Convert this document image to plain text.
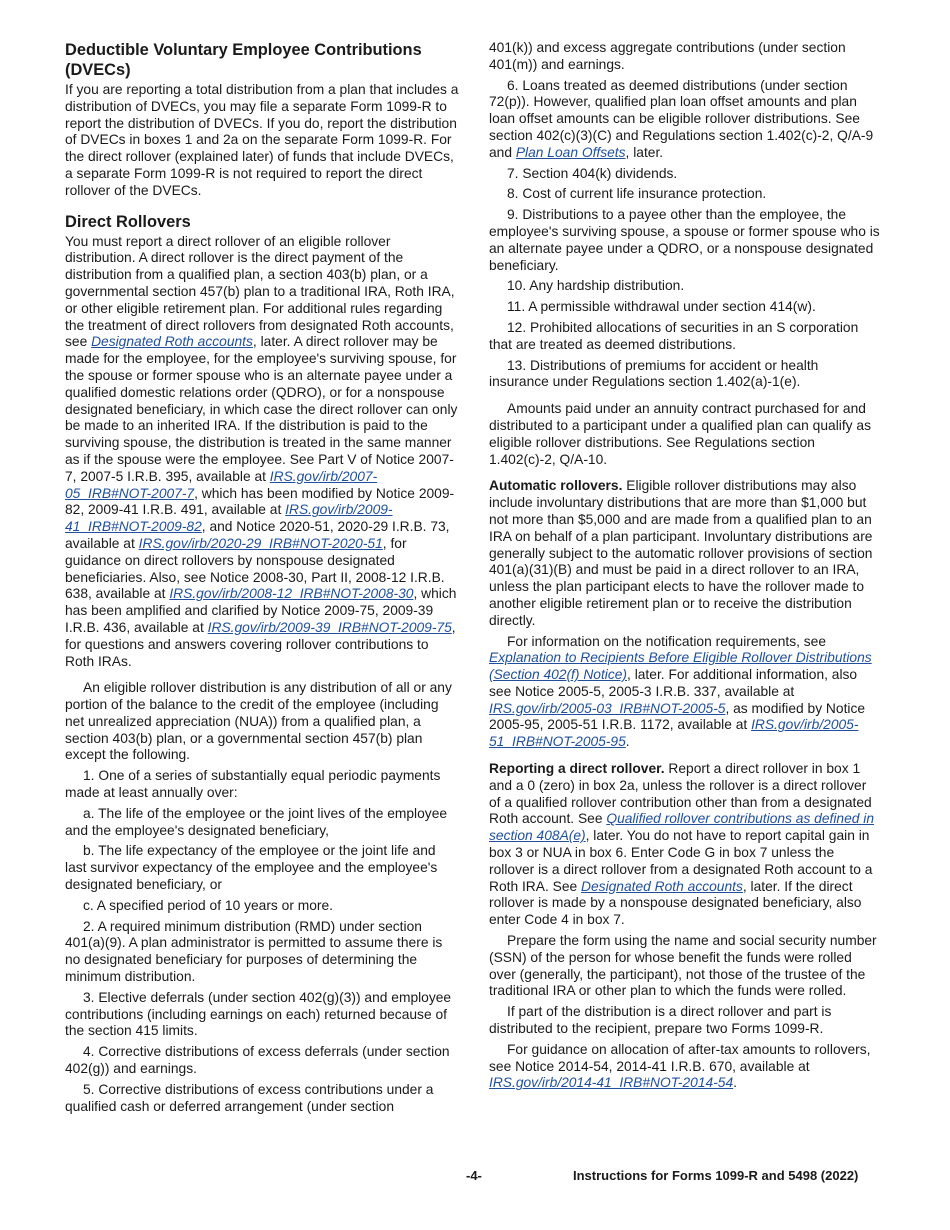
Deductible Voluntary Employee Contributions (DVECs)

If you are reporting a total distribution from a plan that includes a distribution of DVECs, you may file a separate Form 1099-R to report the distribution of DVECs. If you do, report the distribution of DVECs in boxes 1 and 2a on the separate Form 1099-R. For the direct rollover (explained later) of funds that include DVECs, a separate Form 1099-R is not required to report the direct rollover of the DVECs.

Direct Rollovers

You must report a direct rollover of an eligible rollover distribution. A direct rollover is the direct payment of the distribution from a qualified plan, a section 403(b) plan, or a governmental section 457(b) plan to a traditional IRA, Roth IRA, or other eligible retirement plan. For additional rules regarding the treatment of direct rollovers from designated Roth accounts, see Designated Roth accounts, later. A direct rollover may be made for the employee, for the employee's surviving spouse, for the spouse or former spouse who is an alternate payee under a qualified domestic relations order (QDRO), or for a nonspouse designated beneficiary, in which case the direct rollover can only be made to an inherited IRA. If the distribution is paid to the surviving spouse, the distribution is treated in the same manner as if the spouse were the employee. See Part V of Notice 2007-7, 2007-5 I.R.B. 395, available at IRS.gov/irb/2007-05_IRB#NOT-2007-7, which has been modified by Notice 2009-82, 2009-41 I.R.B. 491, available at IRS.gov/irb/2009-41_IRB#NOT-2009-82, and Notice 2020-51, 2020-29 I.R.B. 73, available at IRS.gov/irb/2020-29_IRB#NOT-2020-51, for guidance on direct rollovers by nonspouse designated beneficiaries. Also, see Notice 2008-30, Part II, 2008-12 I.R.B. 638, available at IRS.gov/irb/2008-12_IRB#NOT-2008-30, which has been amplified and clarified by Notice 2009-75, 2009-39 I.R.B. 436, available at IRS.gov/irb/2009-39_IRB#NOT-2009-75, for questions and answers covering rollover contributions to Roth IRAs.

An eligible rollover distribution is any distribution of all or any portion of the balance to the credit of the employee (including net unrealized appreciation (NUA)) from a qualified plan, a section 403(b) plan, or a governmental section 457(b) plan except the following.

1. One of a series of substantially equal periodic payments made at least annually over:

a. The life of the employee or the joint lives of the employee and the employee's designated beneficiary,

b. The life expectancy of the employee or the joint life and last survivor expectancy of the employee and the employee's designated beneficiary, or

c. A specified period of 10 years or more.

2. A required minimum distribution (RMD) under section 401(a)(9). A plan administrator is permitted to assume there is no designated beneficiary for purposes of determining the minimum distribution.

3. Elective deferrals (under section 402(g)(3)) and employee contributions (including earnings on each) returned because of the section 415 limits.

4. Corrective distributions of excess deferrals (under section 402(g)) and earnings.

5. Corrective distributions of excess contributions under a qualified cash or deferred arrangement (under section

401(k)) and excess aggregate contributions (under section 401(m)) and earnings.

6. Loans treated as deemed distributions (under section 72(p)). However, qualified plan loan offset amounts and plan loan offset amounts can be eligible rollover distributions. See section 402(c)(3)(C) and Regulations section 1.402(c)-2, Q/A-9 and Plan Loan Offsets, later.

7. Section 404(k) dividends.

8. Cost of current life insurance protection.

9. Distributions to a payee other than the employee, the employee's surviving spouse, a spouse or former spouse who is an alternate payee under a QDRO, or a nonspouse designated beneficiary.

10. Any hardship distribution.

11. A permissible withdrawal under section 414(w).

12. Prohibited allocations of securities in an S corporation that are treated as deemed distributions.

13. Distributions of premiums for accident or health insurance under Regulations section 1.402(a)-1(e).

Amounts paid under an annuity contract purchased for and distributed to a participant under a qualified plan can qualify as eligible rollover distributions. See Regulations section 1.402(c)-2, Q/A-10.

Automatic rollovers. Eligible rollover distributions may also include involuntary distributions that are more than $1,000 but not more than $5,000 and are made from a qualified plan to an IRA on behalf of a plan participant. Involuntary distributions are generally subject to the automatic rollover provisions of section 401(a)(31)(B) and must be paid in a direct rollover to an IRA, unless the plan participant elects to have the rollover made to another eligible retirement plan or to receive the distribution directly.

For information on the notification requirements, see Explanation to Recipients Before Eligible Rollover Distributions (Section 402(f) Notice), later. For additional information, also see Notice 2005-5, 2005-3 I.R.B. 337, available at IRS.gov/irb/2005-03_IRB#NOT-2005-5, as modified by Notice 2005-95, 2005-51 I.R.B. 1172, available at IRS.gov/irb/2005-51_IRB#NOT-2005-95.

Reporting a direct rollover. Report a direct rollover in box 1 and a 0 (zero) in box 2a, unless the rollover is a direct rollover of a qualified rollover contribution other than from a designated Roth account. See Qualified rollover contributions as defined in section 408A(e), later. You do not have to report capital gain in box 3 or NUA in box 6. Enter Code G in box 7 unless the rollover is a direct rollover from a designated Roth account to a Roth IRA. See Designated Roth accounts, later. If the direct rollover is made by a nonspouse designated beneficiary, also enter Code 4 in box 7.

Prepare the form using the name and social security number (SSN) of the person for whose benefit the funds were rolled over (generally, the participant), not those of the trustee of the traditional IRA or other plan to which the funds were rolled.

If part of the distribution is a direct rollover and part is distributed to the recipient, prepare two Forms 1099-R.

For guidance on allocation of after-tax amounts to rollovers, see Notice 2014-54, 2014-41 I.R.B. 670, available at IRS.gov/irb/2014-41_IRB#NOT-2014-54.

-4-	Instructions for Forms 1099-R and 5498 (2022)
